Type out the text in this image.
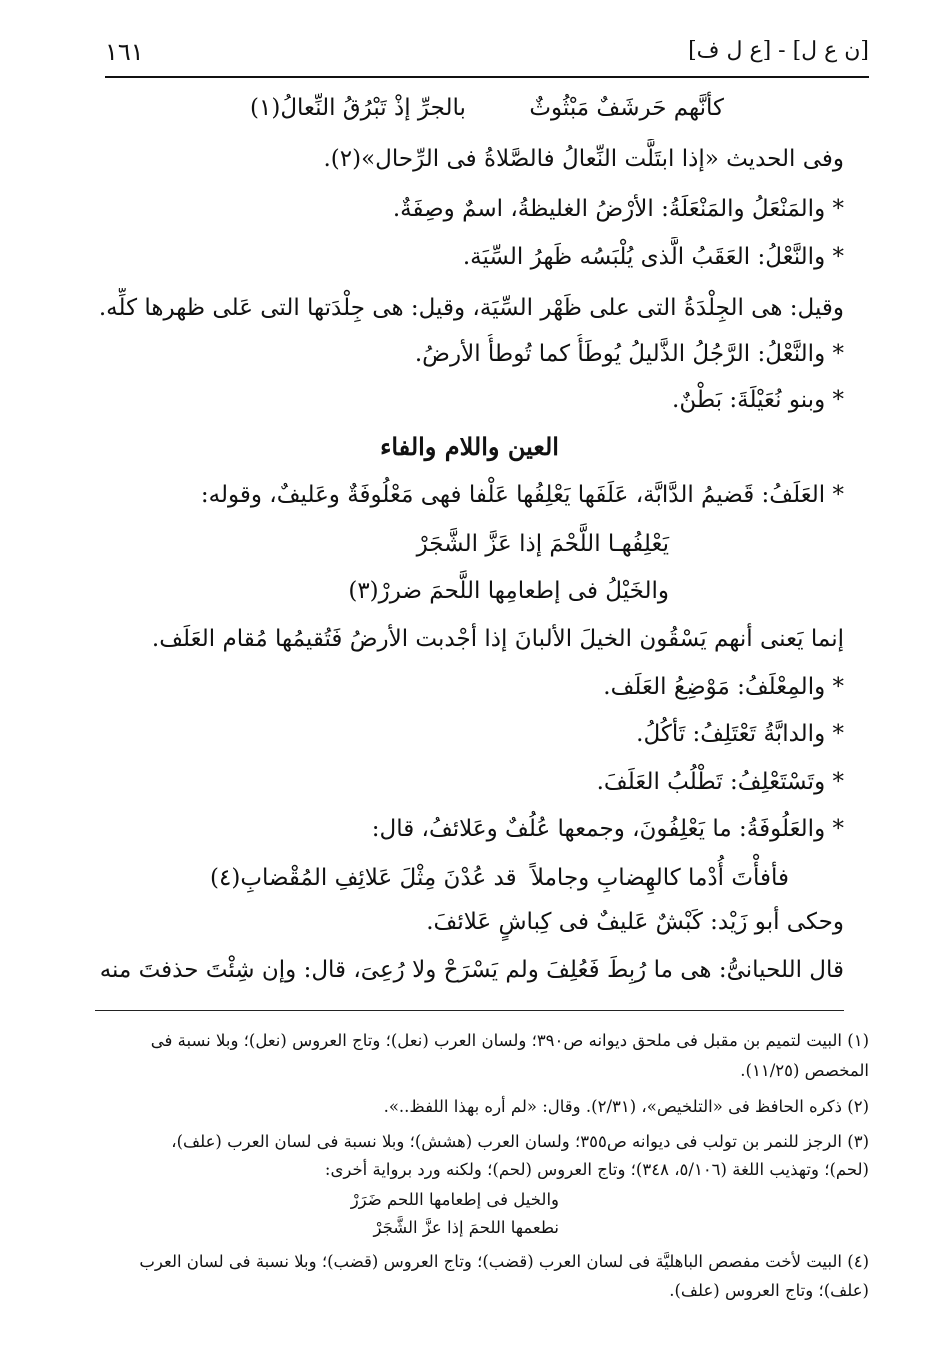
[ن ع ل] - [ع ل ف]
١٦١
كأنَّهم حَرشَفٌ مَبْثُوثٌ
بالجرِّ إذْ تَبْرُقُ النِّعالُ(١)
وفى الحديث «إذا ابتَلَّت النِّعالُ فالصَّلاةُ فى الرِّحال»(٢).
* والمَنْعَلُ والمَنْعَلَةُ: الأرْضُ الغليظةُ، اسمٌ وصِفَةٌ.
* والنَّعْلُ: العَقَبُ الَّذى يُلْبَسُه ظَهرُ السِّيَة.
وقيل: هى الجِلْدَةُ التى على ظَهْر السِّيَة، وقيل: هى جِلْدَتها التى عَلى ظهرها كلِّه.
* والنَّعْلُ: الرَّجُلُ الذَّليلُ يُوطَأُ كما تُوطأُ الأرضُ.
* وبنو نُعَيْلَةَ: بَطْنٌ.
العين واللام والفاء
* العَلَفُ: قَضيمُ الدَّابَّة، عَلَفَها يَعْلِفُها عَلْفا فهى مَعْلُوفَةٌ وعَليفٌ، وقوله:
يَعْلِفُهـا اللَّحْمَ إذا عَزَّ الشَّجَرْ
والخَيْلُ فى إطعامِها اللَّحمَ ضررْ(٣)
إنما يَعنى أنهم يَسْقُون الخيلَ الألبانَ إذا أجْدبت الأرضُ فَتُقيمُها مُقام العَلَف.
* والمِعْلَفُ: مَوْضِعُ العَلَف.
* والدابَّةُ تَعْتَلِفُ: تَأكُلُ.
* وتَسْتَعْلِفُ: تَطْلُبُ العَلَفَ.
* والعَلُوفَةُ: ما يَعْلِفُونَ، وجمعها عُلُفٌ وعَلائفُ، قال:
فأفأْتَ أُدْما كالهِضابِ وجاملاً
قد عُدْنَ مِثْلَ عَلائِفِ المُقْضابِ(٤)
وحكى أبو زَيْد: كَبْشٌ عَليفٌ فى كِباشٍ عَلائفَ.
قال اللحيانىُّ: هى ما رُبِطَ فَعُلِفَ ولم يَسْرَحْ ولا رُعِىَ، قال: وإن شِئْتَ حذفتَ منه
(١) البيت لتميم بن مقبل فى ملحق ديوانه ص٣٩٠؛ ولسان العرب (نعل)؛ وتاج العروس (نعل)؛ وبلا نسبة فى
المخصص (١١/٢٥).
(٢) ذكره الحافظ فى «التلخيص»، (٢/٣١). وقال: «لم أره بهذا اللفظ..».
(٣) الرجز للنمر بن تولب فى ديوانه ص٣٥٥؛ ولسان العرب (هشش)؛ وبلا نسبة فى لسان العرب (علف)،
(لحم)؛ وتهذيب اللغة (٥/١٠٦، ٣٤٨)؛ وتاج العروس (لحم)؛ ولكنه ورد برواية أخرى:
والخيل فى إطعامها اللحم ضَرَرْ
نطعمها اللحمَ إذا عزَّ الشَّجَرْ
(٤) البيت لأخت مفصص الباهليَّة فى لسان العرب (قضب)؛ وتاج العروس (قضب)؛ وبلا نسبة فى لسان العرب
(علف)؛ وتاج العروس (علف).
